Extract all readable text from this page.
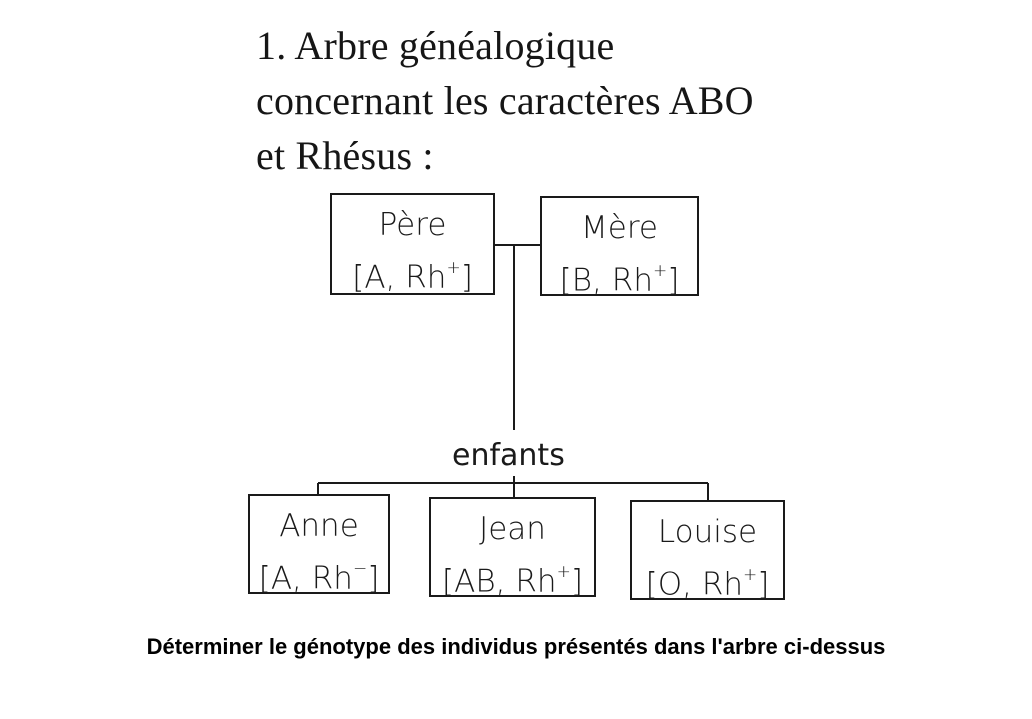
1. Arbre généalogique
concernant les caractères ABO
et Rhésus :
Père
[A, Rh+]
Mère
[B, Rh+]
enfants
Anne
[A, Rh−]
Jean
[AB, Rh+]
Louise
[O, Rh+]
Déterminer le génotype des individus présentés dans l'arbre ci-dessus
